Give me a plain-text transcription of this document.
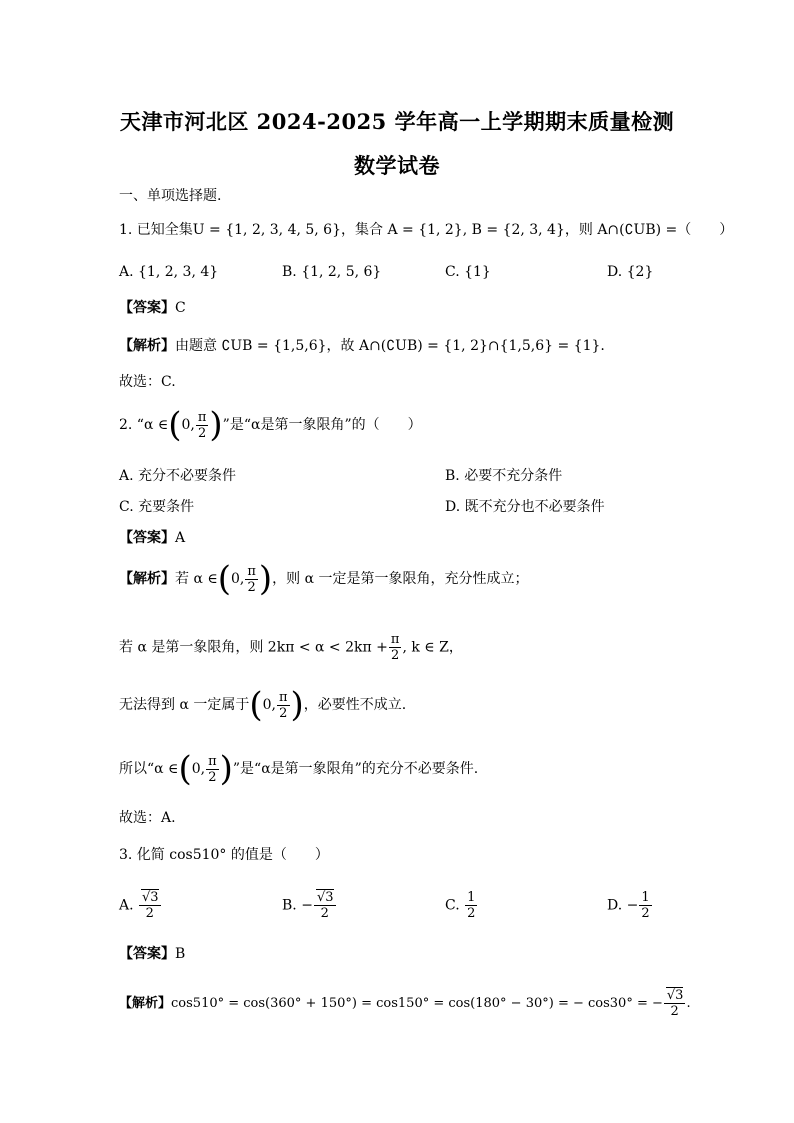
天津市河北区 2024-2025 学年高一上学期期末质量检测
数学试卷
一、单项选择题.
1. 已知全集U = {1, 2, 3, 4, 5, 6}，集合 A = {1, 2}, B = {2, 3, 4}，则 A∩(∁UB) =（　　）
A. {1, 2, 3, 4}	B. {1, 2, 5, 6}	C. {1}	D. {2}
【答案】C
【解析】由题意 ∁UB = {1,5,6}，故 A∩(∁UB) = {1, 2}∩{1,5,6} = {1}.
故选：C.
2. “α ∈(0, $\frac{\pi}{2}$ )”是“α是第一象限角”的（　　）
A. 充分不必要条件	B. 必要不充分条件
C. 充要条件	D. 既不充分也不必要条件
【答案】A
【解析】若 α ∈(0, $\frac{\pi}{2}$ )，则 α 一定是第一象限角，充分性成立；
若 α 是第一象限角，则 $2k\pi < \alpha < 2k\pi + \frac{\pi}{2}$ , k ∈ Z，
无法得到 α 一定属于(0, $\frac{\pi}{2}$ )，必要性不成立.
所以“α ∈(0, $\frac{\pi}{2}$ )”是“α是第一象限角”的充分不必要条件.
故选：A.
3. 化简 cos510° 的值是（　　）
A. $\frac{√3}{2}$	B. − $\frac{√3}{2}$	C. $\frac{1}{2}$	D. − $\frac{1}{2}$
【答案】B
【解析】cos510° = cos(360° + 150°) = cos150° = cos(180° − 30°) = − cos30° = − $\frac{√3}{2}$ .
